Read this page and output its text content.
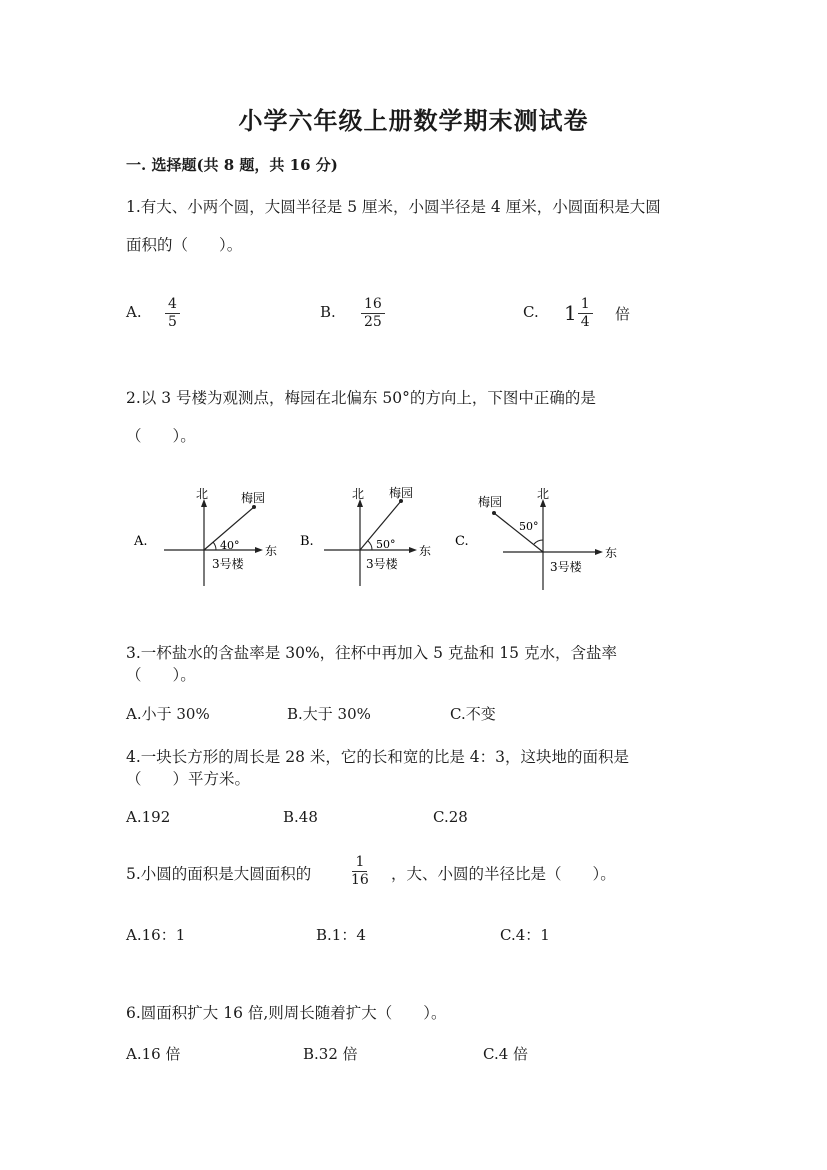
小学六年级上册数学期末测试卷
一. 选择题(共 8 题，共 16 分)
1.有大、小两个圆，大圆半径是 5 厘米，小圆半径是 4 厘米，小圆面积是大圆
面积的（　　）。
A. $\frac{4}{5}$	B. $\frac{16}{25}$	C. $1 \frac{1}{4}$ 倍
2.以 3 号楼为观测点，梅园在北偏东 50°的方向上，下图中正确的是
（　　）。
A.
北
东
梅园
40°
3号楼
B.
北
东
梅园
50°
3号楼
C.
北
东
梅园
50°
3号楼
3.一杯盐水的含盐率是 30%，往杯中再加入 5 克盐和 15 克水，含盐率
（　　）。
A.小于 30%	B.大于 30%	C.不变
4.一块长方形的周长是 28 米，它的长和宽的比是 4：3，这块地的面积是
（　　）平方米。
A.192	B.48	C.28
5.小圆的面积是大圆面积的	$\frac{1}{16}$ ，大、小圆的半径比是（　　）。
A.16：1	B.1：4	C.4：1
6.圆面积扩大 16 倍,则周长随着扩大（　　）。
A.16 倍	B.32 倍	C.4 倍
